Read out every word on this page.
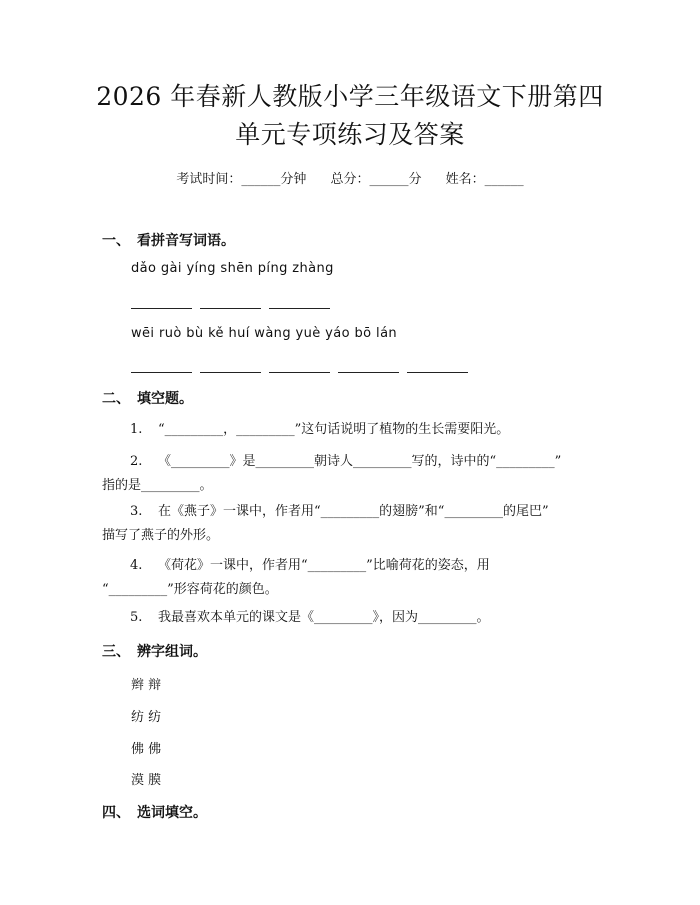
2026 年春新人教版小学三年级语文下册第四
单元专项练习及答案
考试时间：______分钟 总分：______分 姓名：______
一、 看拼音写词语。
dǎo gài yíng shēn píng zhàng
wēi ruò bù kě huí wàng yuè yáo bō lán
二、 填空题。
1. “_________，_________”这句话说明了植物的生长需要阳光。
2. 《_________》是_________朝诗人_________写的，诗中的“_________”
指的是_________。
3. 在《燕子》一课中，作者用“_________的翅膀”和“_________的尾巴”
描写了燕子的外形。
4. 《荷花》一课中，作者用“_________”比喻荷花的姿态，用
“_________”形容荷花的颜色。
5. 我最喜欢本单元的课文是《_________》，因为_________。
三、 辨字组词。
辫 辩
纺 纺
佛 佛
漠 膜
四、 选词填空。
